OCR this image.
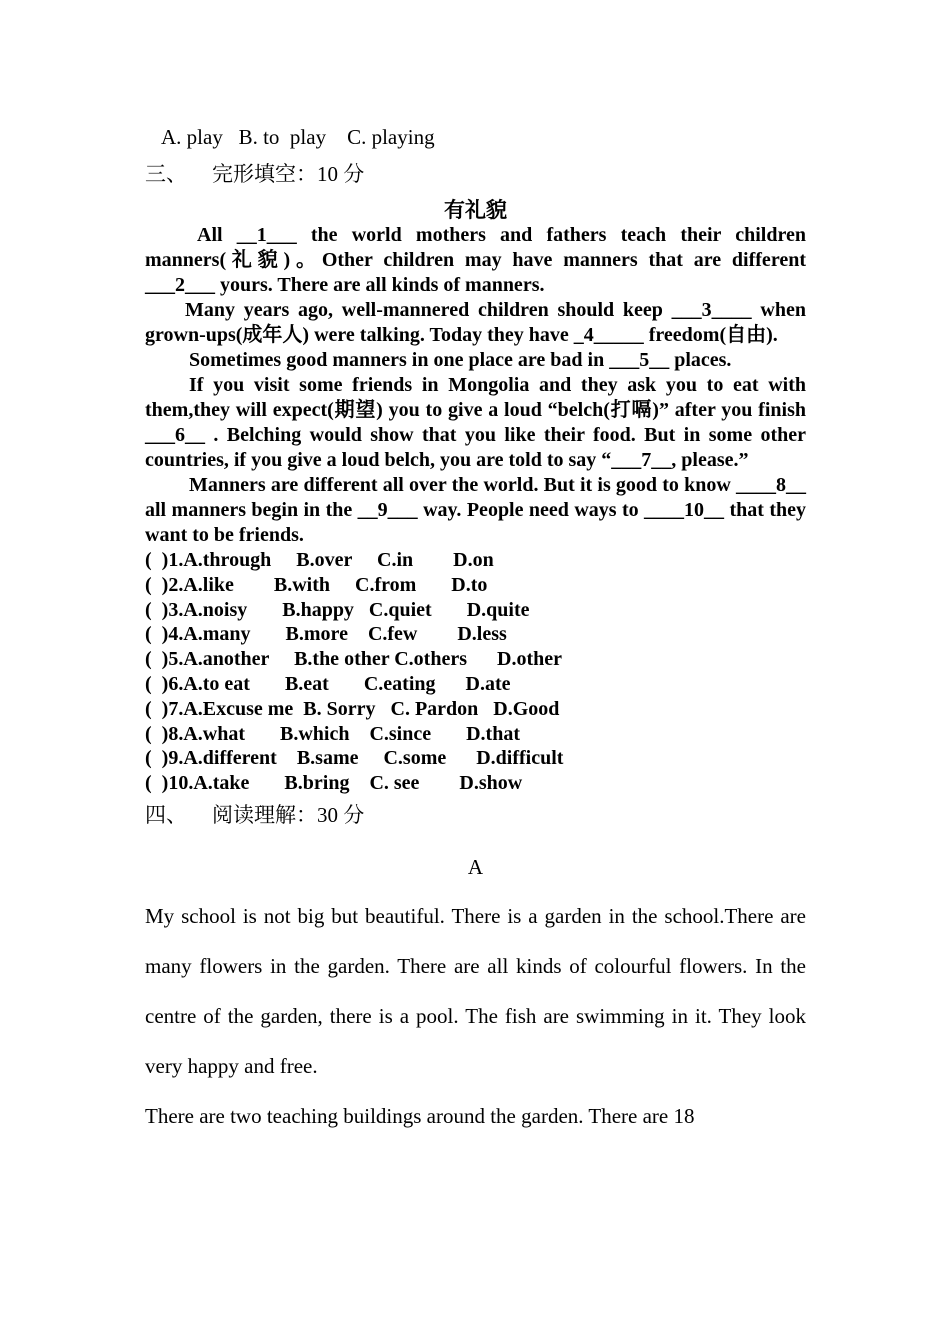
A. play   B. to  play    C. playing
三、 完形填空：10 分
有礼貌
All __1___ the world mothers and fathers teach their children manners(礼貌)。Other children may have manners that are different ___2___ yours. There are all kinds of manners.
Many years ago, well-mannered children should keep ___3____ when grown-ups(成年人) were talking. Today they have _4_____ freedom(自由).
Sometimes good manners in one place are bad in ___5__ places.
If you visit some friends in Mongolia and they ask you to eat with them,they will expect(期望) you to give a loud “belch(打嗝)” after you finish ___6__ . Belching would show that you like their food. But in some other countries, if you give a loud belch, you are told to say “___7__, please.”
Manners are different all over the world. But it is good to know ____8__ all manners begin in the __9___ way. People need ways to ____10__ that they want to be friends.
(  )1.A.through     B.over     C.in        D.on
(  )2.A.like        B.with     C.from       D.to
(  )3.A.noisy       B.happy   C.quiet       D.quite
(  )4.A.many       B.more    C.few        D.less
(  )5.A.another     B.the other C.others      D.other
(  )6.A.to eat       B.eat       C.eating      D.ate
(  )7.A.Excuse me  B. Sorry   C. Pardon   D.Good
(  )8.A.what       B.which    C.since       D.that
(  )9.A.different    B.same     C.some      D.difficult
(  )10.A.take       B.bring    C. see        D.show
四、 阅读理解：30 分
A

My school is not big but beautiful. There is a garden in the school.There are many flowers in the garden. There are all kinds of colourful flowers. In the centre of the garden, there is a pool. The fish are swimming in it. They look very happy and free.

There are two teaching buildings around the garden. There are 18
